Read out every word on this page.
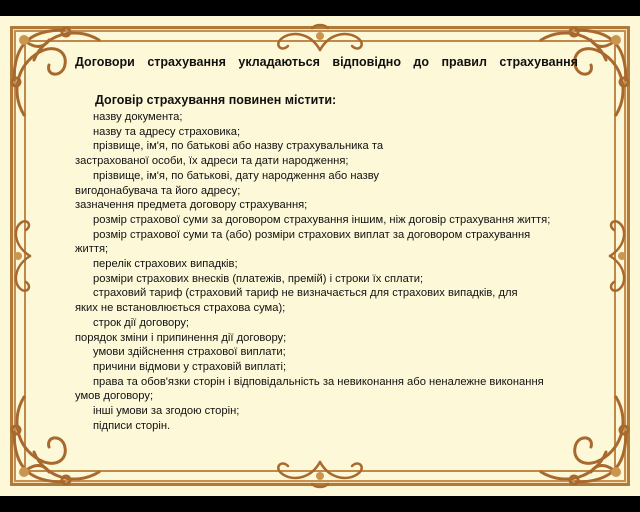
Договори страхування укладаються відповідно до правил страхування
Договір страхування повинен містити:
назву документа;
назву та адресу страховика;
прізвище, ім'я, по батькові або назву страхувальника та
застрахованої особи, їх адреси та дати народження;
прізвище, ім'я, по батькові, дату народження або назву
вигодонабувача та його адресу;
зазначення предмета договору страхування;
розмір страхової суми за договором страхування іншим, ніж договір страхування життя;
розмір страхової суми та (або) розміри страхових виплат за договором страхування
життя;
перелік страхових випадків;
розміри страхових внесків (платежів, премій) і строки їх сплати;
страховий тариф (страховий тариф не визначається для страхових випадків, для
яких не встановлюється страхова сума);
строк дії договору;
порядок зміни і припинення дії договору;
умови здійснення страхової виплати;
причини відмови у страховій виплаті;
права та обов'язки сторін і відповідальність за невиконання або неналежне виконання
умов договору;
інші умови за згодою сторін;
підписи сторін.
